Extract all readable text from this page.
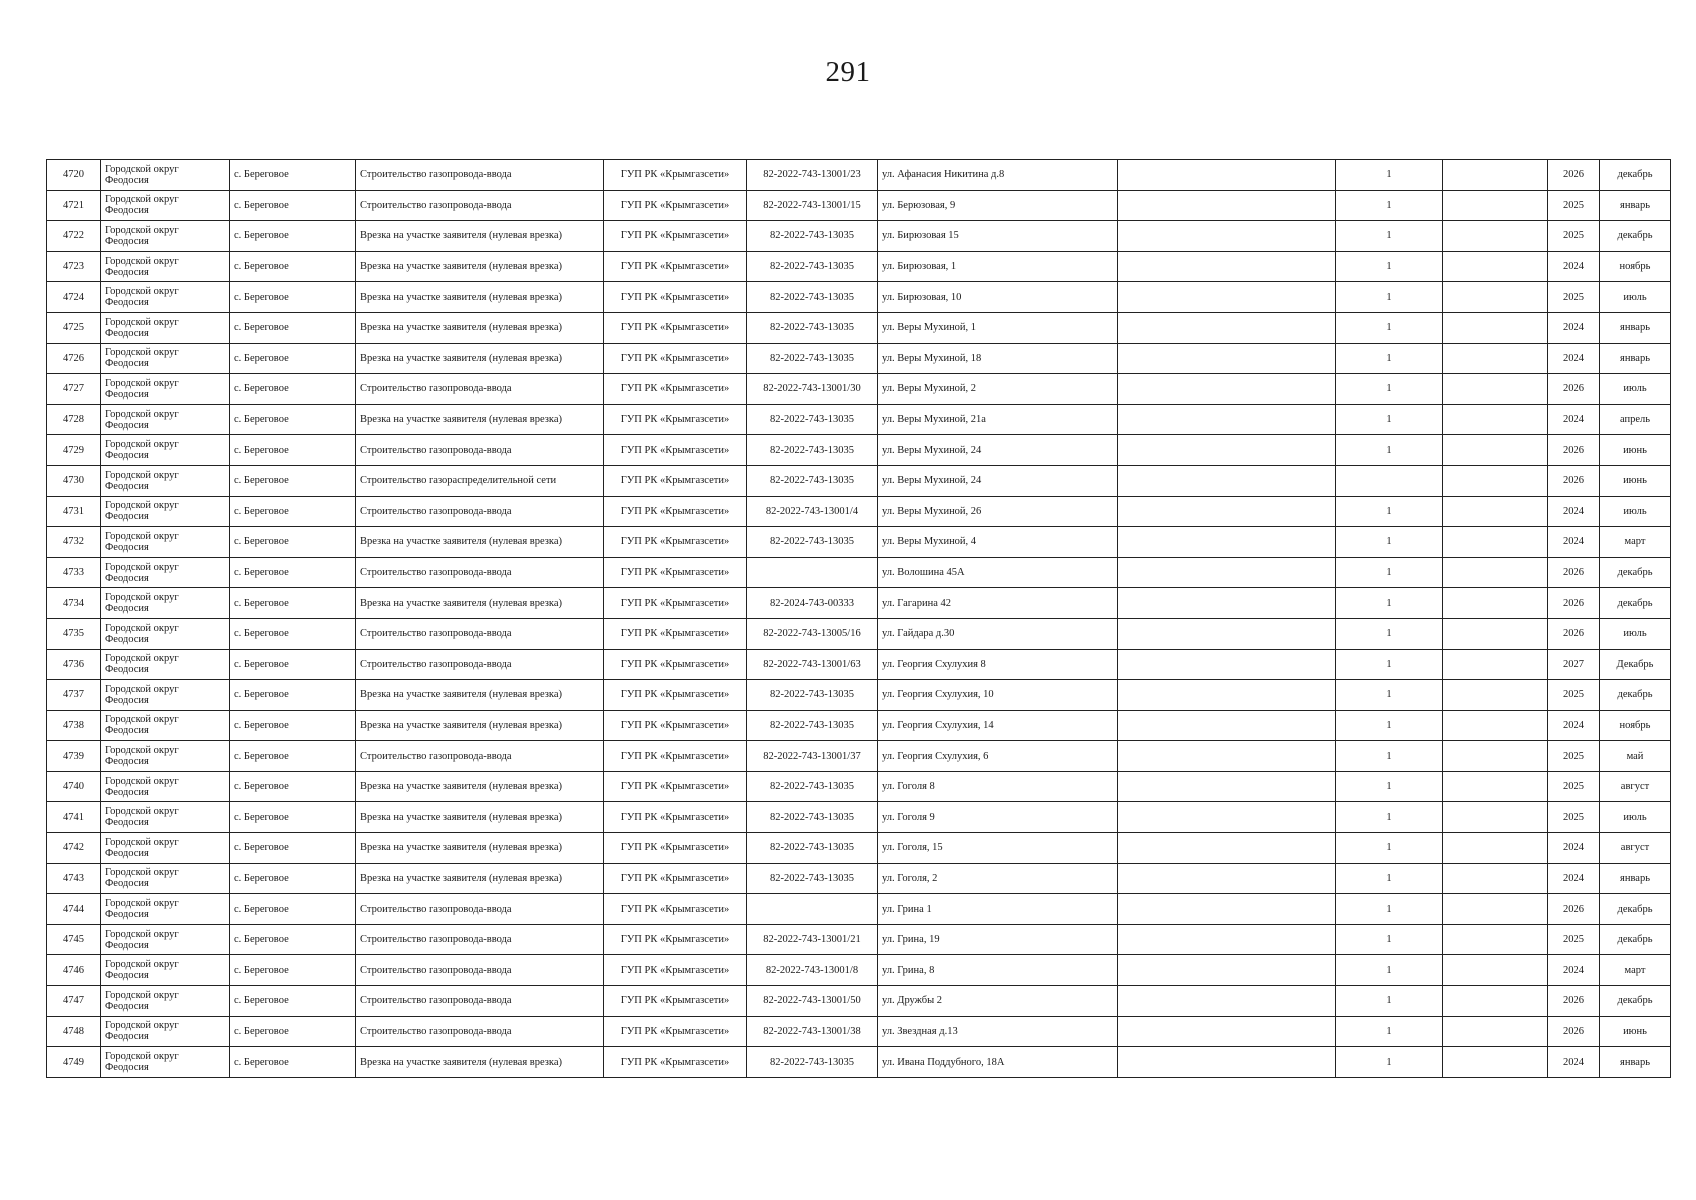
291
4720	Городской округ Феодосия	с. Береговое	Строительство газопровода-ввода	ГУП РК «Крымгазсети»	82-2022-743-13001/23	ул. Афанасия Никитина д.8		1		2026	декабрь
4721	Городской округ Феодосия	с. Береговое	Строительство газопровода-ввода	ГУП РК «Крымгазсети»	82-2022-743-13001/15	ул. Берюзовая, 9		1		2025	январь
4722	Городской округ Феодосия	с. Береговое	Врезка на участке заявителя (нулевая врезка)	ГУП РК «Крымгазсети»	82-2022-743-13035	ул. Бирюзовая 15		1		2025	декабрь
4723	Городской округ Феодосия	с. Береговое	Врезка на участке заявителя (нулевая врезка)	ГУП РК «Крымгазсети»	82-2022-743-13035	ул. Бирюзовая, 1		1		2024	ноябрь
4724	Городской округ Феодосия	с. Береговое	Врезка на участке заявителя (нулевая врезка)	ГУП РК «Крымгазсети»	82-2022-743-13035	ул. Бирюзовая, 10		1		2025	июль
4725	Городской округ Феодосия	с. Береговое	Врезка на участке заявителя (нулевая врезка)	ГУП РК «Крымгазсети»	82-2022-743-13035	ул. Веры Мухиной, 1		1		2024	январь
4726	Городской округ Феодосия	с. Береговое	Врезка на участке заявителя (нулевая врезка)	ГУП РК «Крымгазсети»	82-2022-743-13035	ул. Веры Мухиной, 18		1		2024	январь
4727	Городской округ Феодосия	с. Береговое	Строительство газопровода-ввода	ГУП РК «Крымгазсети»	82-2022-743-13001/30	ул. Веры Мухиной, 2		1		2026	июль
4728	Городской округ Феодосия	с. Береговое	Врезка на участке заявителя (нулевая врезка)	ГУП РК «Крымгазсети»	82-2022-743-13035	ул. Веры Мухиной, 21а		1		2024	апрель
4729	Городской округ Феодосия	с. Береговое	Строительство газопровода-ввода	ГУП РК «Крымгазсети»	82-2022-743-13035	ул. Веры Мухиной, 24		1		2026	июнь
4730	Городской округ Феодосия	с. Береговое	Строительство газораспределительной сети	ГУП РК «Крымгазсети»	82-2022-743-13035	ул. Веры Мухиной, 24				2026	июнь
4731	Городской округ Феодосия	с. Береговое	Строительство газопровода-ввода	ГУП РК «Крымгазсети»	82-2022-743-13001/4	ул. Веры Мухиной, 26		1		2024	июль
4732	Городской округ Феодосия	с. Береговое	Врезка на участке заявителя (нулевая врезка)	ГУП РК «Крымгазсети»	82-2022-743-13035	ул. Веры Мухиной, 4		1		2024	март
4733	Городской округ Феодосия	с. Береговое	Строительство газопровода-ввода	ГУП РК «Крымгазсети»		ул. Волошина 45А		1		2026	декабрь
4734	Городской округ Феодосия	с. Береговое	Врезка на участке заявителя (нулевая врезка)	ГУП РК «Крымгазсети»	82-2024-743-00333	ул. Гагарина 42		1		2026	декабрь
4735	Городской округ Феодосия	с. Береговое	Строительство газопровода-ввода	ГУП РК «Крымгазсети»	82-2022-743-13005/16	ул. Гайдара д.30		1		2026	июль
4736	Городской округ Феодосия	с. Береговое	Строительство газопровода-ввода	ГУП РК «Крымгазсети»	82-2022-743-13001/63	ул. Георгия Схулухия 8		1		2027	Декабрь
4737	Городской округ Феодосия	с. Береговое	Врезка на участке заявителя (нулевая врезка)	ГУП РК «Крымгазсети»	82-2022-743-13035	ул. Георгия Схулухия, 10		1		2025	декабрь
4738	Городской округ Феодосия	с. Береговое	Врезка на участке заявителя (нулевая врезка)	ГУП РК «Крымгазсети»	82-2022-743-13035	ул. Георгия Схулухия, 14		1		2024	ноябрь
4739	Городской округ Феодосия	с. Береговое	Строительство газопровода-ввода	ГУП РК «Крымгазсети»	82-2022-743-13001/37	ул. Георгия Схулухия, 6		1		2025	май
4740	Городской округ Феодосия	с. Береговое	Врезка на участке заявителя (нулевая врезка)	ГУП РК «Крымгазсети»	82-2022-743-13035	ул. Гоголя 8		1		2025	август
4741	Городской округ Феодосия	с. Береговое	Врезка на участке заявителя (нулевая врезка)	ГУП РК «Крымгазсети»	82-2022-743-13035	ул. Гоголя 9		1		2025	июль
4742	Городской округ Феодосия	с. Береговое	Врезка на участке заявителя (нулевая врезка)	ГУП РК «Крымгазсети»	82-2022-743-13035	ул. Гоголя, 15		1		2024	август
4743	Городской округ Феодосия	с. Береговое	Врезка на участке заявителя (нулевая врезка)	ГУП РК «Крымгазсети»	82-2022-743-13035	ул. Гоголя, 2		1		2024	январь
4744	Городской округ Феодосия	с. Береговое	Строительство газопровода-ввода	ГУП РК «Крымгазсети»		ул. Грина 1		1		2026	декабрь
4745	Городской округ Феодосия	с. Береговое	Строительство газопровода-ввода	ГУП РК «Крымгазсети»	82-2022-743-13001/21	ул. Грина, 19		1		2025	декабрь
4746	Городской округ Феодосия	с. Береговое	Строительство газопровода-ввода	ГУП РК «Крымгазсети»	82-2022-743-13001/8	ул. Грина, 8		1		2024	март
4747	Городской округ Феодосия	с. Береговое	Строительство газопровода-ввода	ГУП РК «Крымгазсети»	82-2022-743-13001/50	ул. Дружбы 2		1		2026	декабрь
4748	Городской округ Феодосия	с. Береговое	Строительство газопровода-ввода	ГУП РК «Крымгазсети»	82-2022-743-13001/38	ул. Звездная д.13		1		2026	июнь
4749	Городской округ Феодосия	с. Береговое	Врезка на участке заявителя (нулевая врезка)	ГУП РК «Крымгазсети»	82-2022-743-13035	ул. Ивана Поддубного, 18А		1		2024	январь
